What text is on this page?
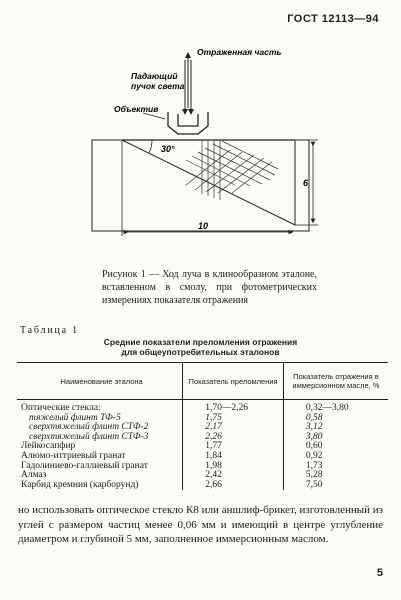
ГОСТ 12113—94
Отраженная часть
Падающий
пучок света
Объектив
30°
10
6
Рисунок 1 — Ход луча в клинообразном эталоне, вставленном в смолу, при фотометрических измерениях показателя отражения
Таблица 1
Средние показатели преломления отражения
для общеупотребительных эталонов
Наименование эталона	Показатель преломления	Показатель отражения в иммерсионном масле, %
Оптические стекла:	1,70—2,26	0,32—3,80
тяжелый флинт ТФ-5	1,75	0,58
сверхтяжелый флинт СТФ-2	2,17	3,12
сверхтяжелый флинт СТФ-3	2,26	3,80
Лейкосапфир	1,77	0,60
Алюмо-иттриевый гранат	1,84	0,92
Гадолиниево-галлиевый гранат	1,98	1,73
Алмаз	2,42	5,28
Карбид кремния (карборунд)	2,66	7,50
но использовать оптическое стекло К8 или аншлиф-брикет, изготовленный из углей с размером частиц менее 0,06 мм и имеющий в центре углубление диаметром и глубиной 5 мм, заполненное иммерсионным маслом.
5
